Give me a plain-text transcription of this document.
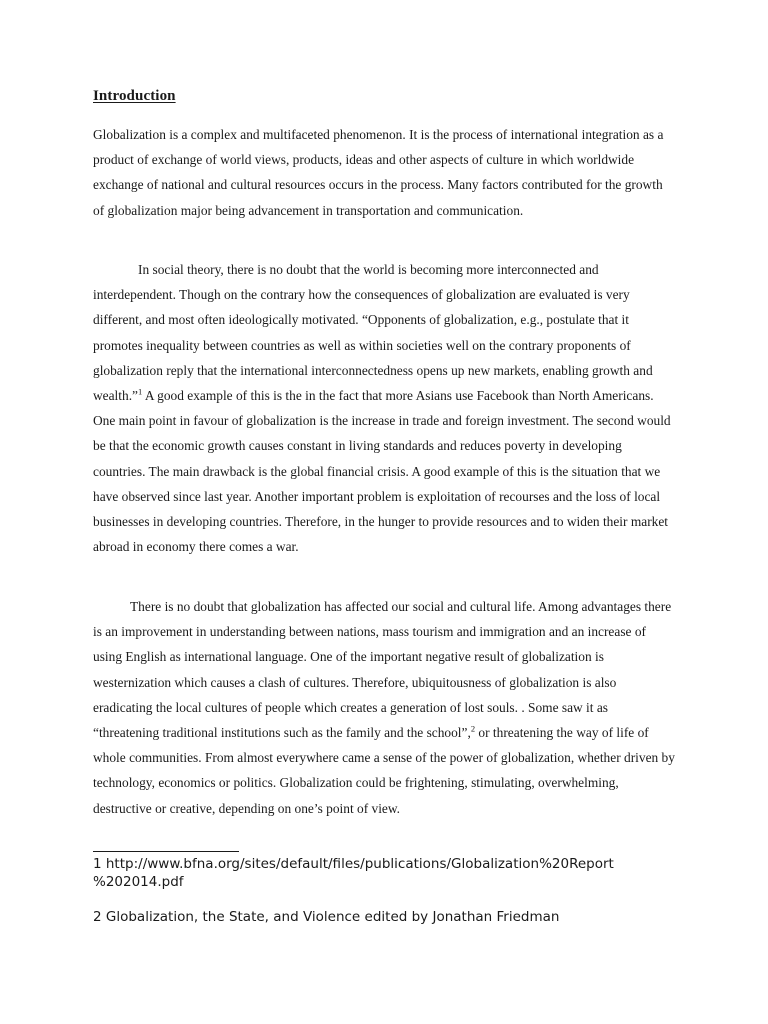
Introduction

Globalization is a complex and multifaceted phenomenon. It is the process of international integration as a product of exchange of world views, products, ideas and other aspects of culture in which worldwide exchange of national and cultural resources occurs in the process. Many factors contributed for the growth of globalization major being advancement in transportation and communication.

In social theory, there is no doubt that the world is becoming more interconnected and interdependent. Though on the contrary how the consequences of globalization are evaluated is very different, and most often ideologically motivated. “Opponents of globalization, e.g., postulate that it promotes inequality between countries as well as within societies well on the contrary proponents of globalization reply that the international interconnectedness opens up new markets, enabling growth and wealth.”$^1$ A good example of this is the in the fact that more Asians use Facebook than North Americans. One main point in favour of globalization is the increase in trade and foreign investment. The second would be that the economic growth causes constant in living standards and reduces poverty in developing countries. The main drawback is the global financial crisis. A good example of this is the situation that we have observed since last year. Another important problem is exploitation of recourses and the loss of local businesses in developing countries. Therefore, in the hunger to provide resources and to widen their market abroad in economy there comes a war.

There is no doubt that globalization has affected our social and cultural life. Among advantages there is an improvement in understanding between nations, mass tourism and immigration and an increase of using English as international language. One of the important negative result of globalization is westernization which causes a clash of cultures. Therefore, ubiquitousness of globalization is also eradicating the local cultures of people which creates a generation of lost souls. . Some saw it as “threatening traditional institutions such as the family and the school”,$^2$ or threatening the way of life of whole communities. From almost everywhere came a sense of the power of globalization, whether driven by technology, economics or politics. Globalization could be frightening, stimulating, overwhelming, destructive or creative, depending on one’s point of view.

1 http://www.bfna.org/sites/default/files/publications/Globalization%20Report
%202014.pdf
2 Globalization, the State, and Violence edited by Jonathan Friedman
